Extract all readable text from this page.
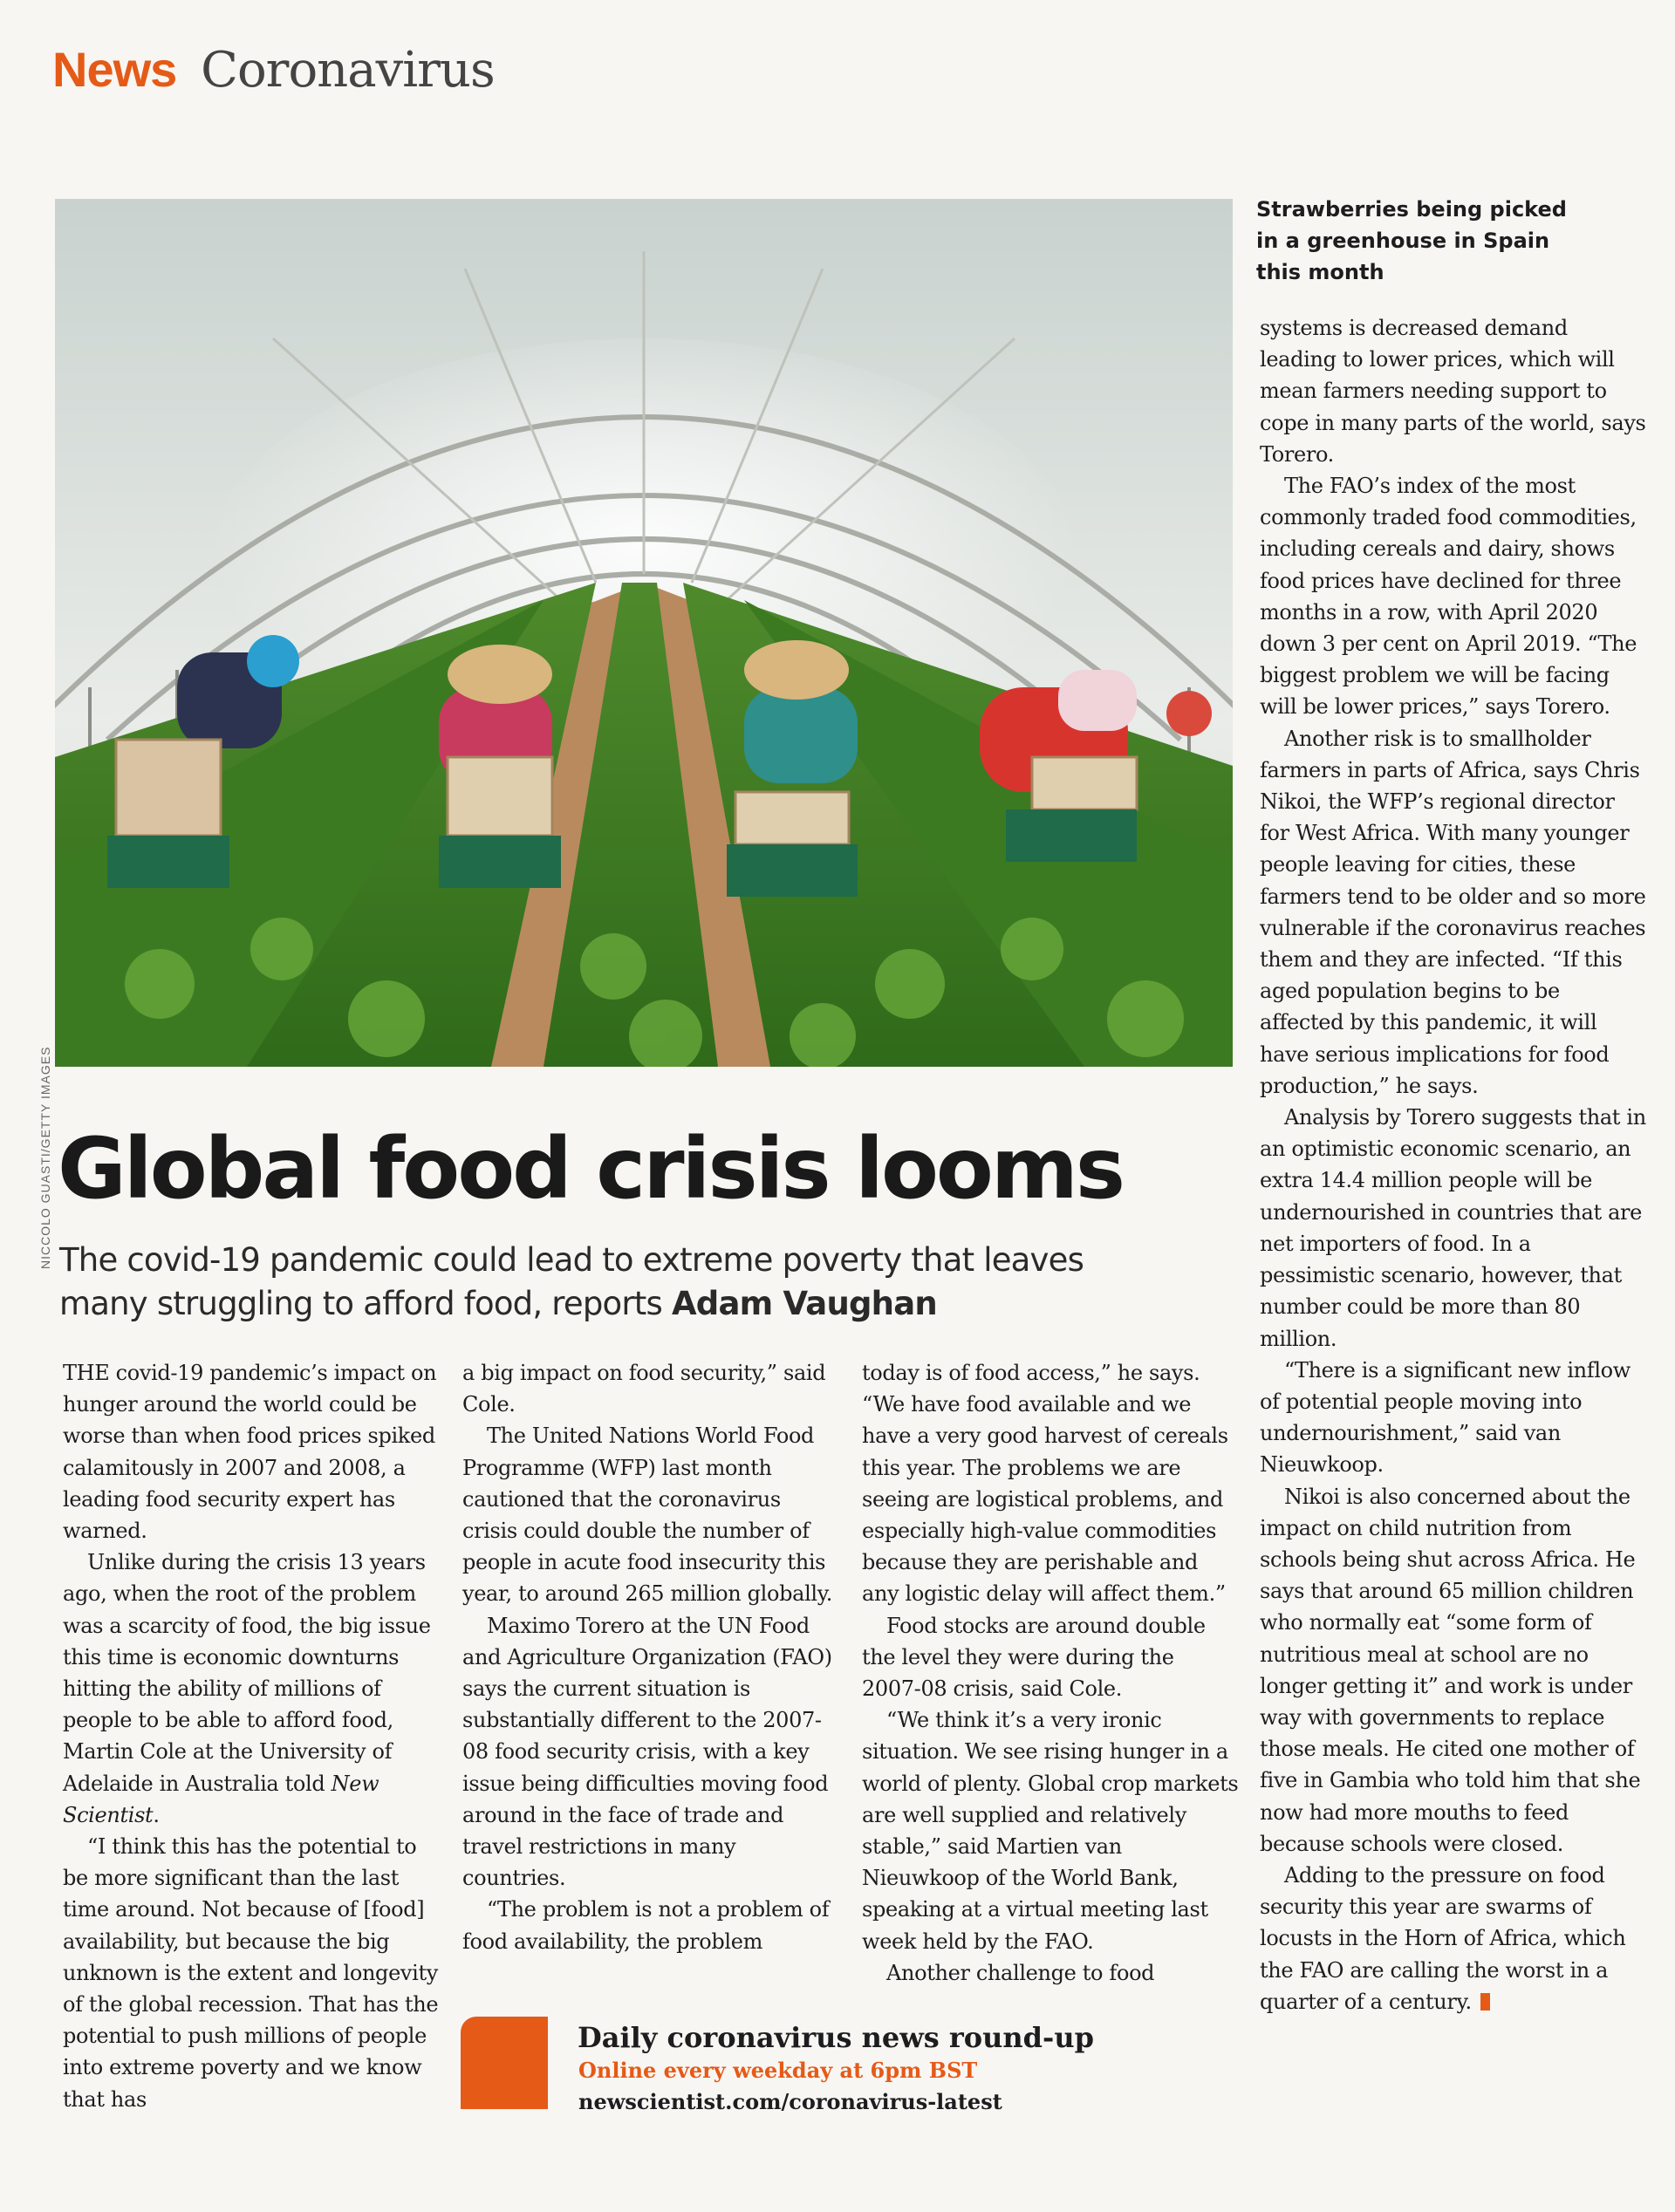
News Coronavirus
NICCOLO GUASTI/GETTY IMAGES
Strawberries being picked
in a greenhouse in Spain
this month
Global food crisis looms
The covid-19 pandemic could lead to extreme poverty that leaves many struggling to afford food, reports Adam Vaughan

THE covid-19 pandemic’s impact on hunger around the world could be worse than when food prices spiked calamitously in 2007 and 2008, a leading food security expert has warned.

Unlike during the crisis 13 years ago, when the root of the problem was a scarcity of food, the big issue this time is economic downturns hitting the ability of millions of people to be able to afford food, Martin Cole at the University of Adelaide in Australia told New Scientist.

“I think this has the potential to be more significant than the last time around. Not because of [food] availability, but because the big unknown is the extent and longevity of the global recession. That has the potential to push millions of people into extreme poverty and we know that has

a big impact on food security,” said Cole.

The United Nations World Food Programme (WFP) last month cautioned that the coronavirus crisis could double the number of people in acute food insecurity this year, to around 265 million globally.

Maximo Torero at the UN Food and Agriculture Organization (FAO) says the current situation is substantially different to the 2007-08 food security crisis, with a key issue being difficulties moving food around in the face of trade and travel restrictions in many countries.

“The problem is not a problem of food availability, the problem

today is of food access,” he says. “We have food available and we have a very good harvest of cereals this year. The problems we are seeing are logistical problems, and especially high-value commodities because they are perishable and any logistic delay will affect them.”

Food stocks are around double the level they were during the 2007-08 crisis, said Cole.

“We think it’s a very ironic situation. We see rising hunger in a world of plenty. Global crop markets are well supplied and relatively stable,” said Martien van Nieuwkoop of the World Bank, speaking at a virtual meeting last week held by the FAO.

Another challenge to food

systems is decreased demand leading to lower prices, which will mean farmers needing support to cope in many parts of the world, says Torero.

The FAO’s index of the most commonly traded food commodities, including cereals and dairy, shows food prices have declined for three months in a row, with April 2020 down 3 per cent on April 2019. “The biggest problem we will be facing will be lower prices,” says Torero.

Another risk is to smallholder farmers in parts of Africa, says Chris Nikoi, the WFP’s regional director for West Africa. With many younger people leaving for cities, these farmers tend to be older and so more vulnerable if the coronavirus reaches them and they are infected. “If this aged population begins to be affected by this pandemic, it will have serious implications for food production,” he says.

Analysis by Torero suggests that in an optimistic economic scenario, an extra 14.4 million people will be undernourished in countries that are net importers of food. In a pessimistic scenario, however, that number could be more than 80 million.

“There is a significant new inflow of potential people moving into undernourishment,” said van Nieuwkoop.

Nikoi is also concerned about the impact on child nutrition from schools being shut across Africa. He says that around 65 million children who normally eat “some form of nutritious meal at school are no longer getting it” and work is under way with governments to replace those meals. He cited one mother of five in Gambia who told him that she now had more mouths to feed because schools were closed.

Adding to the pressure on food security this year are swarms of locusts in the Horn of Africa, which the FAO are calling the worst in a quarter of a century.

Daily coronavirus news round-up
Online every weekday at 6pm BST
newscientist.com/coronavirus-latest
